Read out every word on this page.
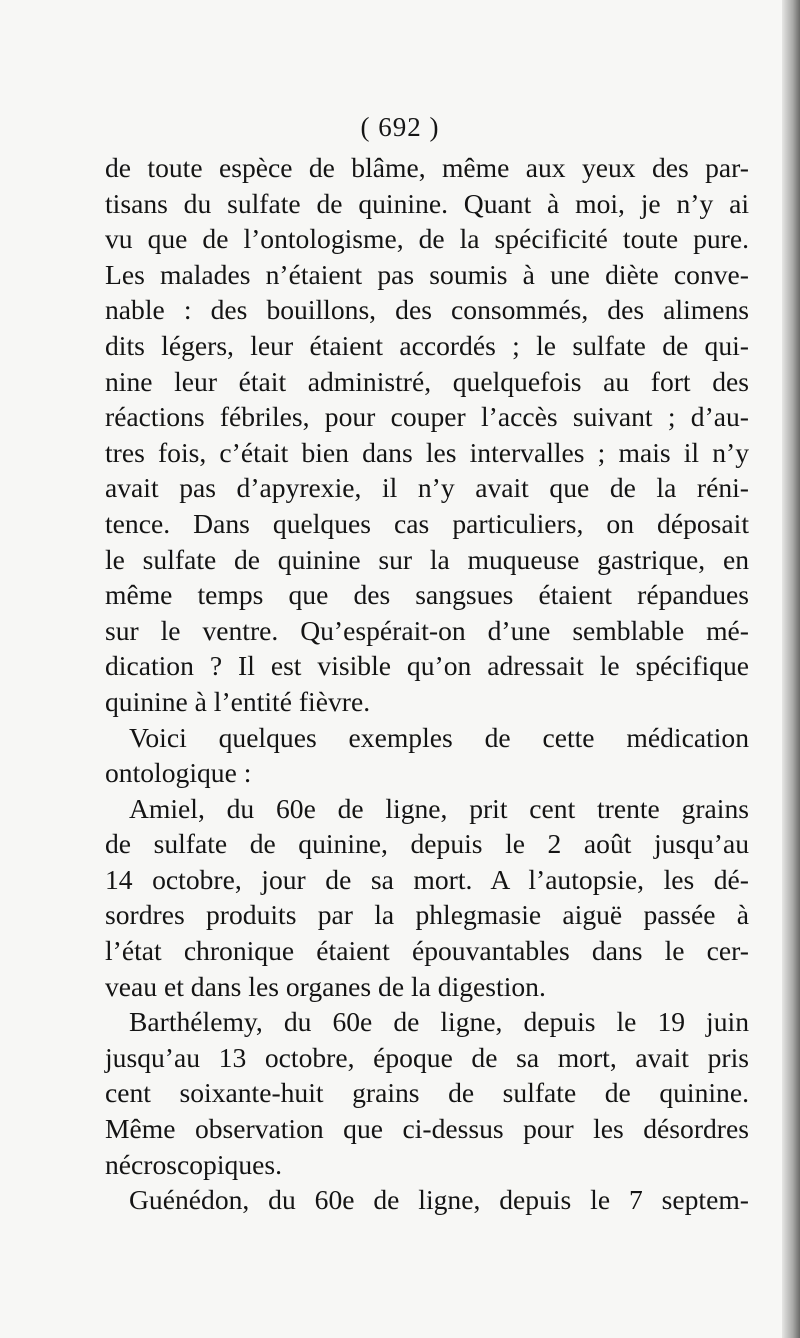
( 692 )
de toute espèce de blâme, même aux yeux des par-
tisans du sulfate de quinine. Quant à moi, je n’y ai
vu que de l’ontologisme, de la spécificité toute pure.
Les malades n’étaient pas soumis à une diète conve-
nable : des bouillons, des consommés, des alimens
dits légers, leur étaient accordés ; le sulfate de qui-
nine leur était administré, quelquefois au fort des
réactions fébriles, pour couper l’accès suivant ; d’au-
tres fois, c’était bien dans les intervalles ; mais il n’y
avait pas d’apyrexie, il n’y avait que de la réni-
tence. Dans quelques cas particuliers, on déposait
le sulfate de quinine sur la muqueuse gastrique, en
même temps que des sangsues étaient répandues
sur le ventre. Qu’espérait-on d’une semblable mé-
dication ? Il est visible qu’on adressait le spécifique
quinine à l’entité fièvre.
Voici quelques exemples de cette médication
ontologique :
Amiel, du 60e de ligne, prit cent trente grains
de sulfate de quinine, depuis le 2 août jusqu’au
14 octobre, jour de sa mort. A l’autopsie, les dé-
sordres produits par la phlegmasie aiguë passée à
l’état chronique étaient épouvantables dans le cer-
veau et dans les organes de la digestion.
Barthélemy, du 60e de ligne, depuis le 19 juin
jusqu’au 13 octobre, époque de sa mort, avait pris
cent soixante-huit grains de sulfate de quinine.
Même observation que ci-dessus pour les désordres
nécroscopiques.
Guénédon, du 60e de ligne, depuis le 7 septem-
